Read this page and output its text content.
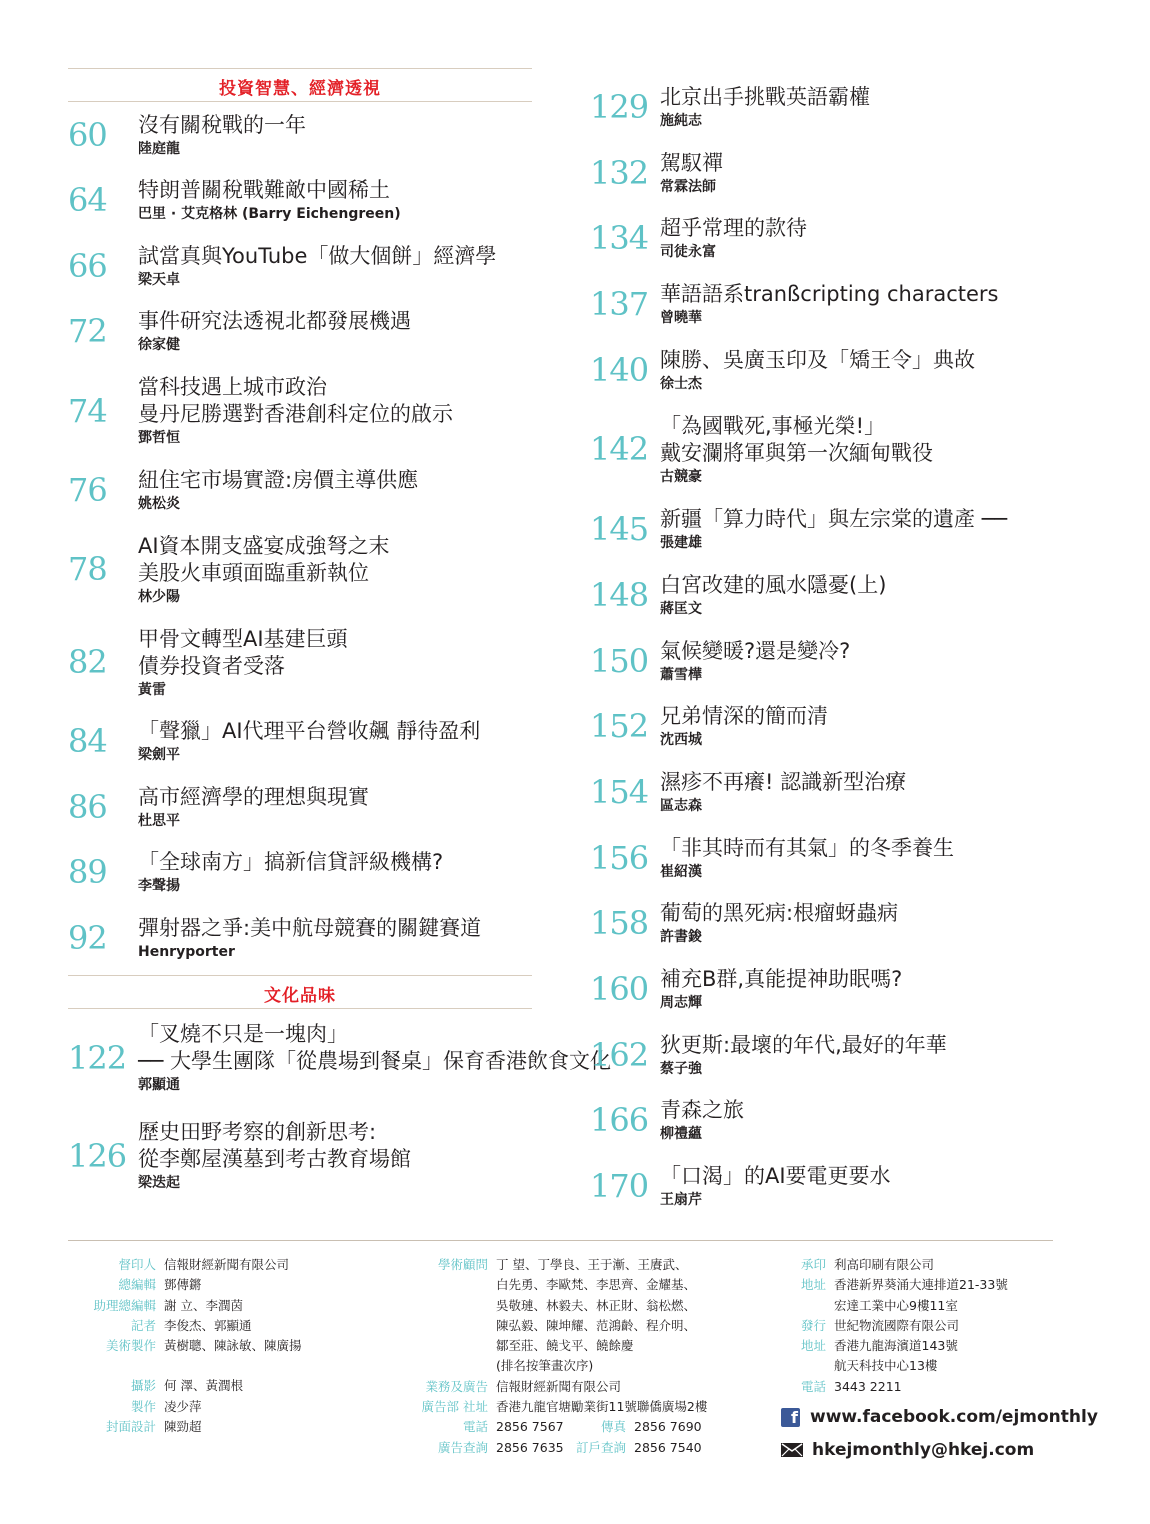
投資智慧、經濟透視
60	沒有關稅戰的一年
陸庭龍
64	特朗普關稅戰難敵中國稀土
巴里 · 艾克格林 (Barry Eichengreen)
66	試當真與YouTube「做大個餅」經濟學
梁天卓
72	事件研究法透視北都發展機遇
徐家健
74
當科技遇上城市政治
曼丹尼勝選對香港創科定位的啟示
鄧哲恒
76	紐住宅市場實證:房價主導供應
姚松炎
78
AI資本開支盛宴成強弩之末
美股火車頭面臨重新執位
林少陽
82
甲骨文轉型AI基建巨頭
債券投資者受落
黃雷
84	「聲獵」AI代理平台營收飆 靜待盈利
梁劍平
86	高市經濟學的理想與現實
杜思平
89	「全球南方」搞新信貸評級機構?
李聲揚
92	彈射器之爭:美中航母競賽的關鍵賽道
Henryporter
文化品味
122
「叉燒不只是一塊肉」
── 大學生團隊「從農場到餐桌」保育香港飲食文化
郭顯通
126
歷史田野考察的創新思考:
從李鄭屋漢墓到考古教育場館
梁迭起
129 北京出手挑戰英語霸權
施純志
132 駕馭禪
常霖法師
134 超乎常理的款待
司徒永富
137 華語語系tranßcripting characters
曾曉華
140 陳勝、吳廣玉印及「矯王令」典故
徐士杰
142
「為國戰死,事極光榮!」
戴安瀾將軍與第一次緬甸戰役
古競豪
145 新疆「算力時代」與左宗棠的遺產 ──
張建雄
148 白宮改建的風水隱憂(上)
蔣匡文
150 氣候變暖?還是變冷?
蕭雪樺
152 兄弟情深的簡而清
沈西城
154 濕疹不再癢! 認識新型治療
區志森
156 「非其時而有其氣」的冬季養生
崔紹漢
158 葡萄的黑死病:根瘤蚜蟲病
許書鋑
160 補充B群,真能提神助眠嗎?
周志輝
162 狄更斯:最壞的年代,最好的年華
蔡子強
166 青森之旅
柳禮蘊
170 「口渴」的AI要電更要水
王扇芹
督印人 信報財經新聞有限公司
總編輯 鄧傳鏘
助理總編輯 謝 立、李潤茵
記者 李俊杰、郭顯通
美術製作 黃樹聰、陳詠敏、陳廣揚
攝影 何 澤、黃潤根
製作 凌少萍
封面設計 陳勁超
學術顧問 丁 望、丁學良、王于漸、王賡武、
白先勇、李歐梵、李思齊、金耀基、
吳敬璉、林毅夫、林正財、翁松燃、
陳弘毅、陳坤耀、范鴻齡、程介明、
鄒至莊、饒戈平、饒餘慶
(排名按筆畫次序)
業務及廣告 信報財經新聞有限公司
廣告部 社址 香港九龍官塘勵業街11號聯僑廣場2樓
電話 2856 7567	傳真 2856 7690
廣告查詢 2856 7635 訂戶查詢 2856 7540
承印 利高印刷有限公司
地址 香港新界葵涌大連排道21-33號
宏達工業中心9樓11室
發行 世紀物流國際有限公司
地址 香港九龍海濱道143號
航天科技中心13樓
電話 3443 2211
f www.facebook.com/ejmonthly
hkejmonthly@hkej.com
